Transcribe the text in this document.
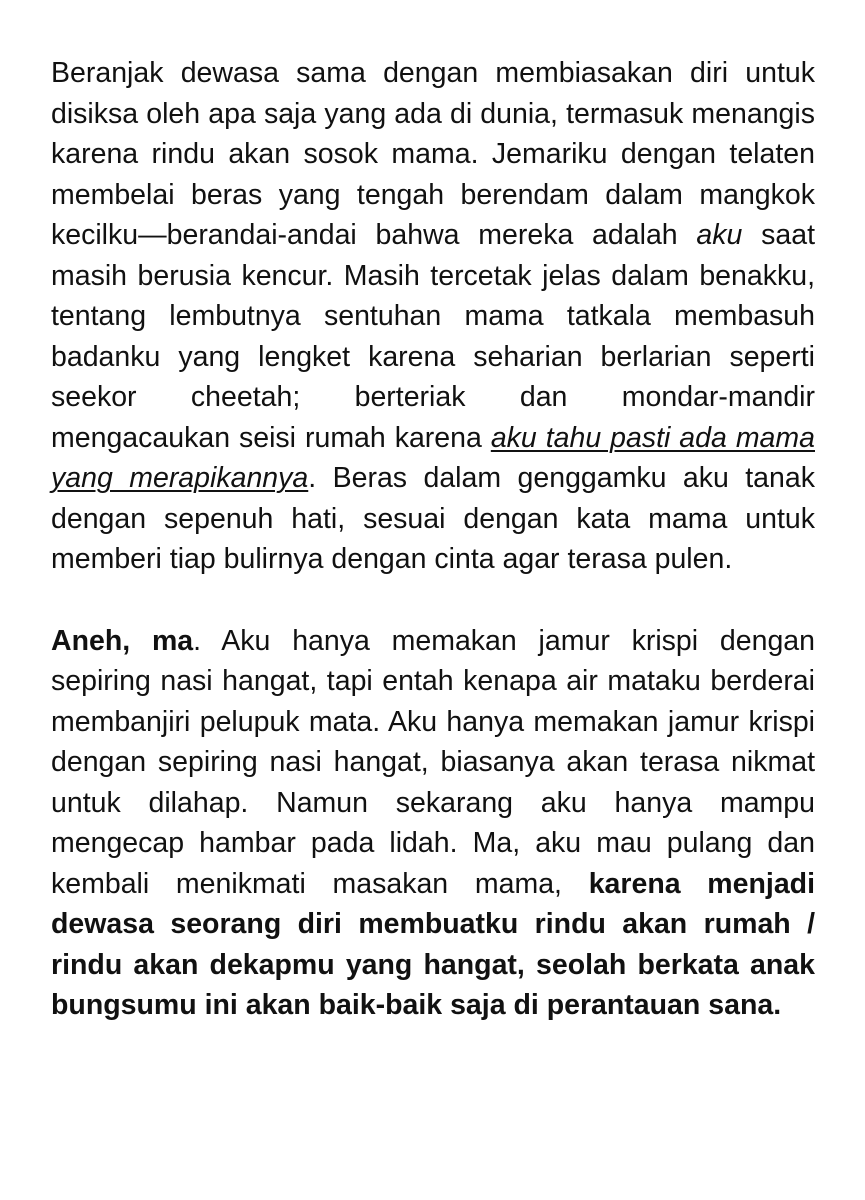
Beranjak dewasa sama dengan membiasakan diri untuk disiksa oleh apa saja yang ada di dunia, termasuk menangis karena rindu akan sosok mama. Jemariku dengan telaten membelai beras yang tengah berendam dalam mangkok kecilku—berandai-andai bahwa mereka adalah aku saat masih berusia kencur. Masih tercetak jelas dalam benakku, tentang lembutnya sentuhan mama tatkala membasuh badanku yang lengket karena seharian berlarian seperti seekor cheetah; berteriak dan mondar-mandir mengacaukan seisi rumah karena aku tahu pasti ada mama yang merapikannya. Beras dalam genggamku aku tanak dengan sepenuh hati, sesuai dengan kata mama untuk memberi tiap bulirnya dengan cinta agar terasa pulen.

Aneh, ma. Aku hanya memakan jamur krispi dengan sepiring nasi hangat, tapi entah kenapa air mataku berderai membanjiri pelupuk mata. Aku hanya memakan jamur krispi dengan sepiring nasi hangat, biasanya akan terasa nikmat untuk dilahap. Namun sekarang aku hanya mampu mengecap hambar pada lidah. Ma, aku mau pulang dan kembali menikmati masakan mama, karena menjadi dewasa seorang diri membuatku rindu akan rumah / rindu akan dekapmu yang hangat, seolah berkata anak bungsumu ini akan baik-baik saja di perantauan sana.
